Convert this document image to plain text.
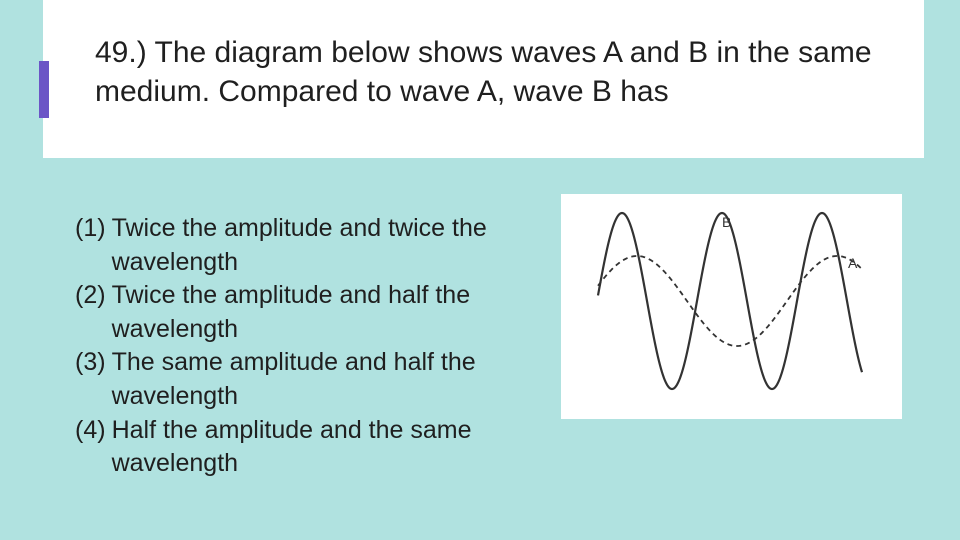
49.) The diagram below shows waves A and B in the same medium. Compared to wave A, wave B has

(1) Twice the amplitude and twice the wavelength
(2) Twice the amplitude and half the wavelength
(3) The same amplitude and half the wavelength
(4) Half the amplitude and the same wavelength
B
A
